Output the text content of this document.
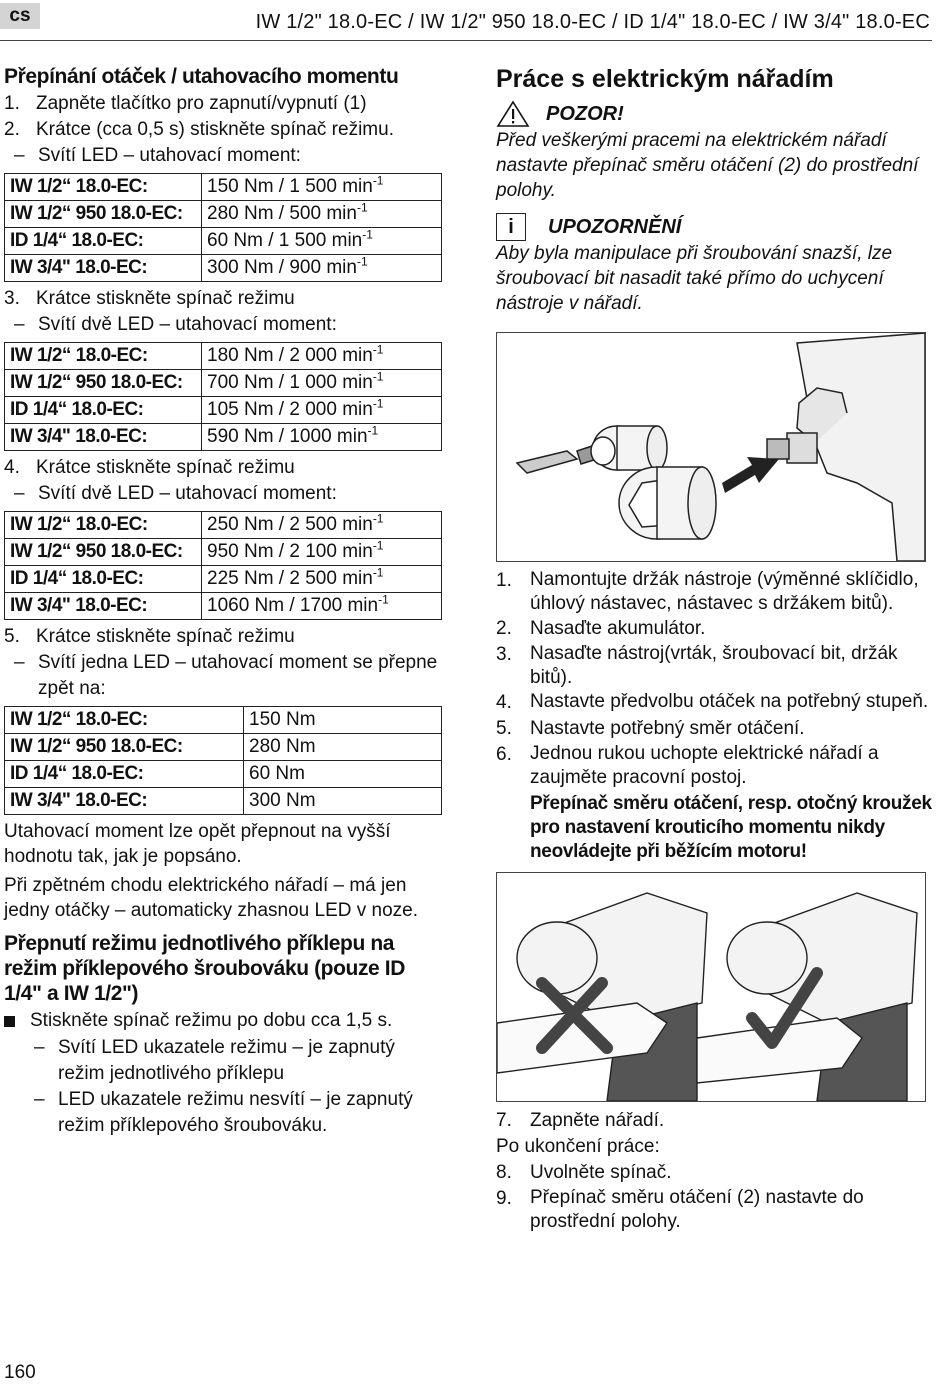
cs	IW 1/2" 18.0-EC / IW 1/2" 950 18.0-EC / ID 1/4" 18.0-EC / IW 3/4" 18.0-EC
Přepínání otáček / utahovacího momentu
1. Zapněte tlačítko pro zapnutí/vypnutí (1)
2. Krátce (cca 0,5 s) stiskněte spínač režimu.
– Svítí LED – utahovací moment:
IW 1/2“ 18.0-EC:	150 Nm / 1 500 $\min^{-1}$
IW 1/2“ 950 18.0-EC:	280 Nm / 500 $\min^{-1}$
ID 1/4“ 18.0-EC:	60 Nm / 1 500 $\min^{-1}$
IW 3/4" 18.0-EC:	300 Nm / 900 $\min^{-1}$
3. Krátce stiskněte spínač režimu
– Svítí dvě LED – utahovací moment:
IW 1/2“ 18.0-EC:	180 Nm / 2 000 $\min^{-1}$
IW 1/2“ 950 18.0-EC:	700 Nm / 1 000 $\min^{-1}$
ID 1/4“ 18.0-EC:	105 Nm / 2 000 $\min^{-1}$
IW 3/4" 18.0-EC:	590 Nm / 1000 $\min^{-1}$
4. Krátce stiskněte spínač režimu
– Svítí dvě LED – utahovací moment:
IW 1/2“ 18.0-EC:	250 Nm / 2 500 $\min^{-1}$
IW 1/2“ 950 18.0-EC:	950 Nm / 2 100 $\min^{-1}$
ID 1/4“ 18.0-EC:	225 Nm / 2 500 $\min^{-1}$
IW 3/4" 18.0-EC:	1060 Nm / 1700 $\min^{-1}$
5. Krátce stiskněte spínač režimu
– Svítí jedna LED – utahovací moment se přepne zpět na:
IW 1/2“ 18.0-EC:	150 Nm
IW 1/2“ 950 18.0-EC:	280 Nm
ID 1/4“ 18.0-EC:	60 Nm
IW 3/4" 18.0-EC:	300 Nm

Utahovací moment lze opět přepnout na vyšší hodnotu tak, jak je popsáno.

Při zpětném chodu elektrického nářadí – má jen jedny otáčky – automaticky zhasnou LED v noze.

Přepnutí režimu jednotlivého příklepu na režim příklepového šroubováku (pouze ID 1/4" a IW 1/2")
Stiskněte spínač režimu po dobu cca 1,5 s.
– Svítí LED ukazatele režimu – je zapnutý režim jednotlivého příklepu
– LED ukazatele režimu nesvítí – je zapnutý režim příklepového šroubováku.
Práce s elektrickým nářadím
POZOR!
Před veškerými pracemi na elektrickém nářadí nastavte přepínač směru otáčení (2) do prostřední polohy.
i	UPOZORNĚNÍ
Aby byla manipulace při šroubování snazší, lze šroubovací bit nasadit také přímo do uchycení nástroje v nářadí.
1. Namontujte držák nástroje (výměnné sklíčidlo, úhlový nástavec, nástavec s držákem bitů).
2. Nasaďte akumulátor.
3. Nasaďte nástroj(vrták, šroubovací bit, držák bitů).
4. Nastavte předvolbu otáček na potřebný stupeň.
5. Nastavte potřebný směr otáčení.
6. Jednou rukou uchopte elektrické nářadí a zaujměte pracovní postoj.
Přepínač směru otáčení, resp. otočný kroužek pro nastavení krouticího momentu nikdy neovládejte při běžícím motoru!
7. Zapněte nářadí.
Po ukončení práce:
8. Uvolněte spínač.
9. Přepínač směru otáčení (2) nastavte do prostřední polohy.
160
